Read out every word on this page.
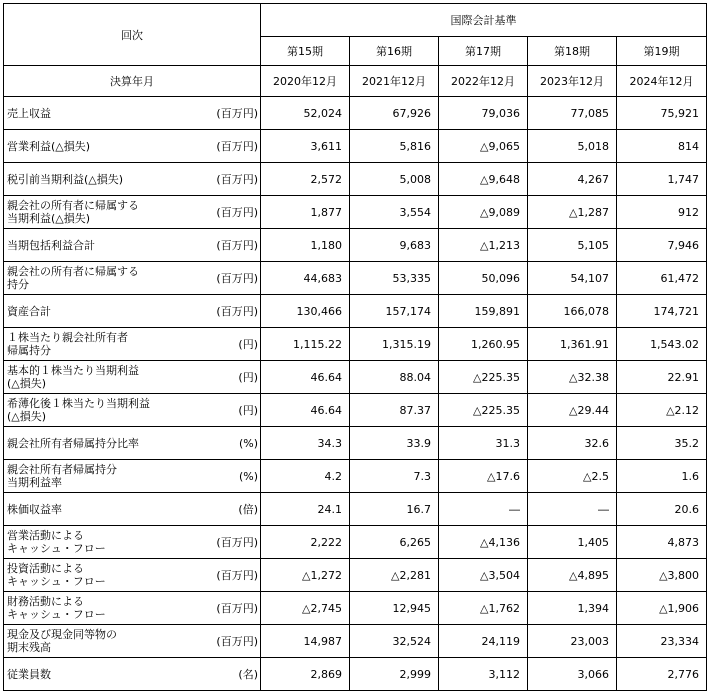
回次		国際会計基準				
		第15期	第16期	第17期	第18期	第19期
決算年月		2020年12月	2021年12月	2022年12月	2023年12月	2024年12月
売上収益	(百万円)	52,024	67,926	79,036	77,085	75,921
営業利益(△損失)	(百万円)	3,611	5,816	△9,065	5,018	814
税引前当期利益(△損失)	(百万円)	2,572	5,008	△9,648	4,267	1,747
親会社の所有者に帰属する
当期利益(△損失)	(百万円)	1,877	3,554	△9,089	△1,287	912
当期包括利益合計	(百万円)	1,180	9,683	△1,213	5,105	7,946
親会社の所有者に帰属する
持分	(百万円)	44,683	53,335	50,096	54,107	61,472
資産合計	(百万円)	130,466	157,174	159,891	166,078	174,721
１株当たり親会社所有者
帰属持分	(円)	1,115.22	1,315.19	1,260.95	1,361.91	1,543.02
基本的１株当たり当期利益
(△損失)	(円)	46.64	88.04	△225.35	△32.38	22.91
希薄化後１株当たり当期利益
(△損失)	(円)	46.64	87.37	△225.35	△29.44	△2.12
親会社所有者帰属持分比率	(%)	34.3	33.9	31.3	32.6	35.2
親会社所有者帰属持分
当期利益率	(%)	4.2	7.3	△17.6	△2.5	1.6
株価収益率	(倍)	24.1	16.7	―	―	20.6
営業活動による
キャッシュ・フロー	(百万円)	2,222	6,265	△4,136	1,405	4,873
投資活動による
キャッシュ・フロー	(百万円)	△1,272	△2,281	△3,504	△4,895	△3,800
財務活動による
キャッシュ・フロー	(百万円)	△2,745	12,945	△1,762	1,394	△1,906
現金及び現金同等物の
期末残高	(百万円)	14,987	32,524	24,119	23,003	23,334
従業員数	(名)	2,869	2,999	3,112	3,066	2,776
